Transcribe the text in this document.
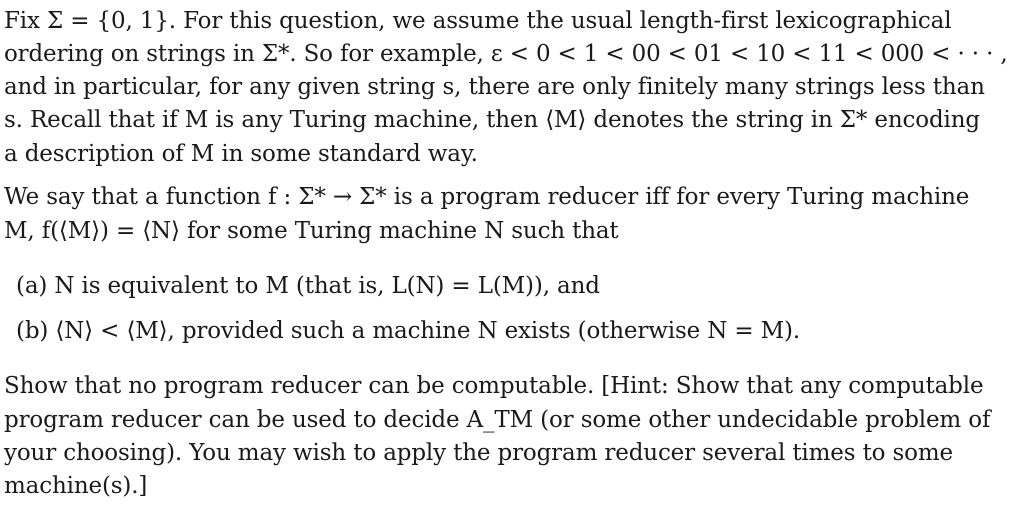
Fix Σ = {0, 1}. For this question, we assume the usual length-first lexicographical
ordering on strings in Σ*. So for example, ε < 0 < 1 < 00 < 01 < 10 < 11 < 000 < · · · ,
and in particular, for any given string s, there are only finitely many strings less than
s. Recall that if M is any Turing machine, then ⟨M⟩ denotes the string in Σ* encoding
a description of M in some standard way.
We say that a function f : Σ* → Σ* is a program reducer iff for every Turing machine
M, f(⟨M⟩) = ⟨N⟩ for some Turing machine N such that
(a) N is equivalent to M (that is, L(N) = L(M)), and
(b) ⟨N⟩ < ⟨M⟩, provided such a machine N exists (otherwise N = M).
Show that no program reducer can be computable. [Hint: Show that any computable
program reducer can be used to decide A_TM (or some other undecidable problem of
your choosing). You may wish to apply the program reducer several times to some
machine(s).]
